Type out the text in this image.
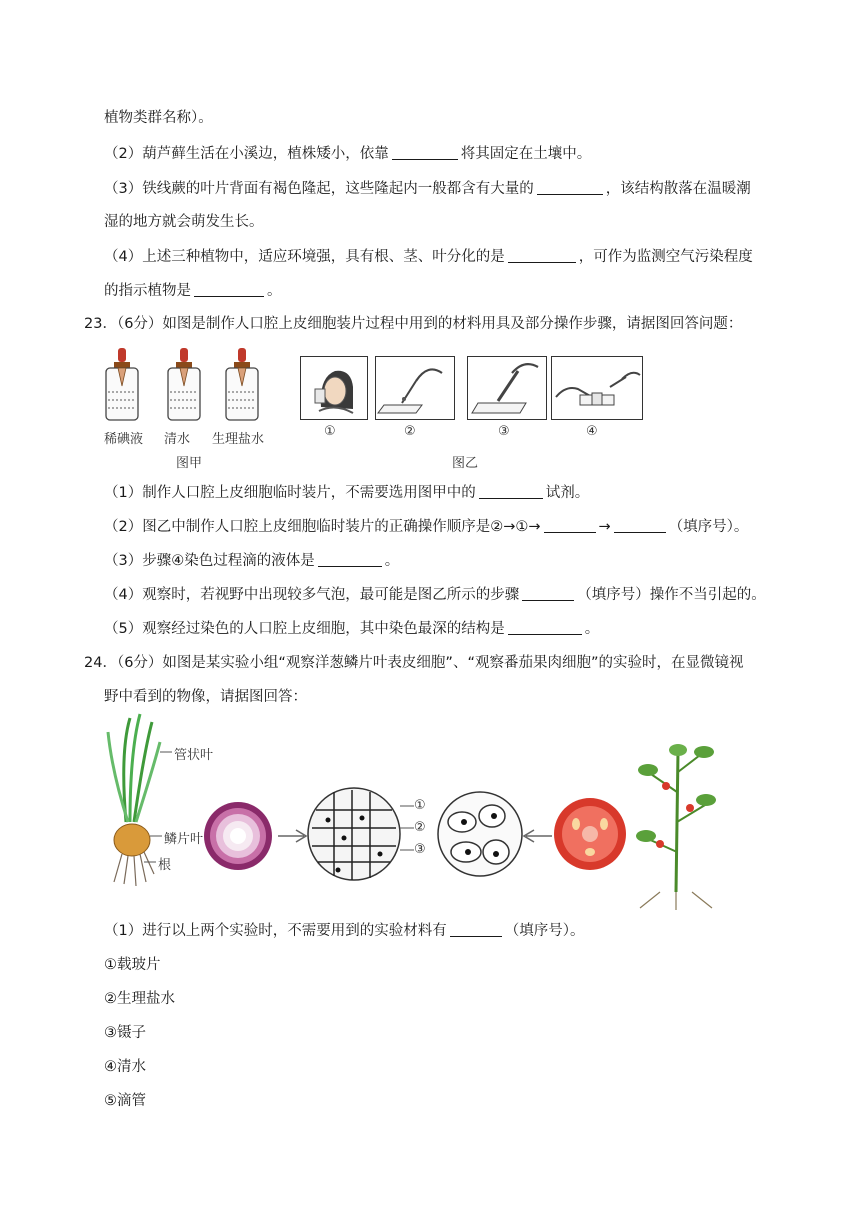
植物类群名称）。
（2）葫芦藓生活在小溪边，植株矮小，依靠	将其固定在土壤中。
（3）铁线蕨的叶片背面有褐色隆起，这些隆起内一般都含有大量的	，该结构散落在温暖潮
湿的地方就会萌发生长。
（4）上述三种植物中，适应环境强，具有根、茎、叶分化的是	，可作为监测空气污染程度
的指示植物是	。
23．（6分）如图是制作人口腔上皮细胞装片过程中用到的材料用具及部分操作步骤，请据图回答问题：
稀碘液 清水 生理盐水
图甲
①	②	③	④
图乙
（1）制作人口腔上皮细胞临时装片，不需要选用图甲中的	试剂。
（2）图乙中制作人口腔上皮细胞临时装片的正确操作顺序是②→①→	→	（填序号）。
（3）步骤④染色过程滴的液体是	。
（4）观察时，若视野中出现较多气泡，最可能是图乙所示的步骤	（填序号）操作不当引起的。
（5）观察经过染色的人口腔上皮细胞，其中染色最深的结构是	。
24．（6分）如图是某实验小组“观察洋葱鳞片叶表皮细胞”、“观察番茄果肉细胞”的实验时，在显微镜视
野中看到的物像，请据图回答：
管状叶
鳞片叶
根
①
②
③
（1）进行以上两个实验时，不需要用到的实验材料有	（填序号）。
①载玻片
②生理盐水
③镊子
④清水
⑤滴管
